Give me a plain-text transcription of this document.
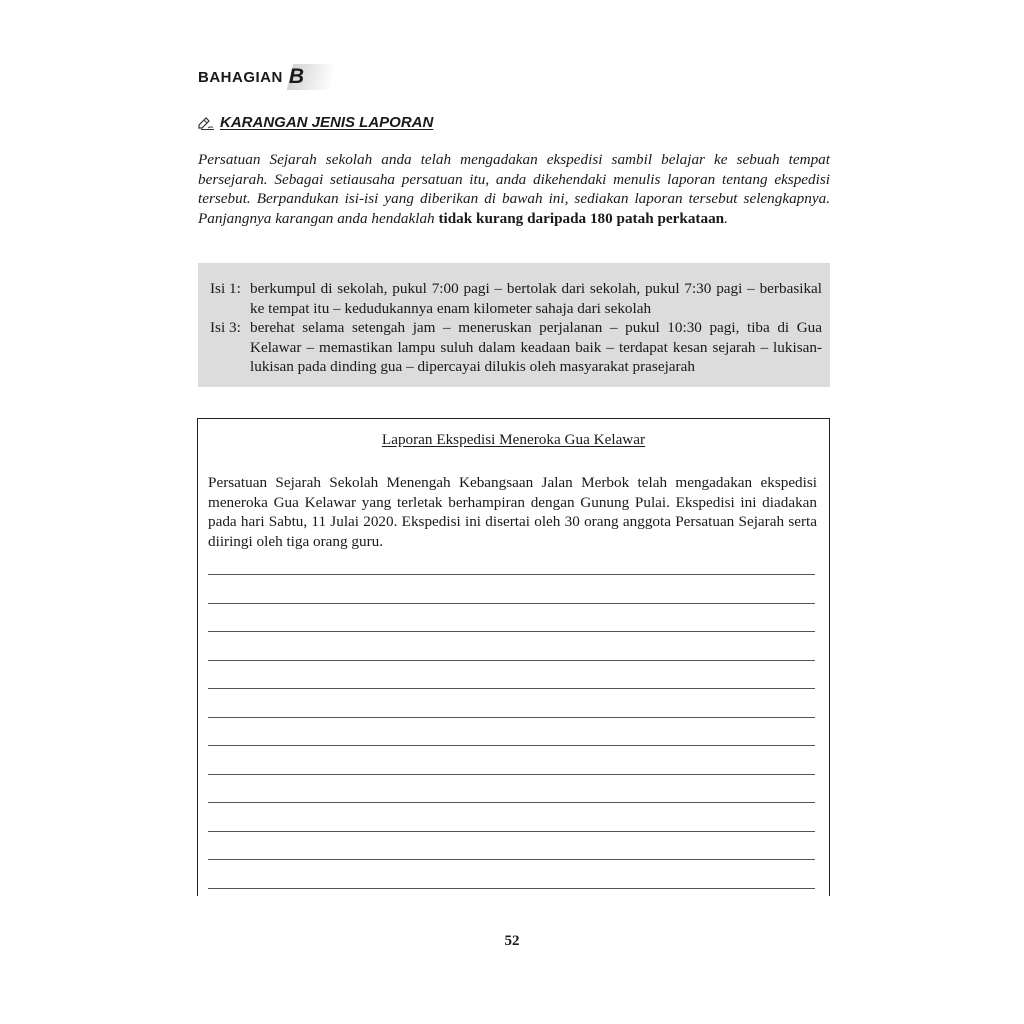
BAHAGIAN B
KARANGAN JENIS LAPORAN
Persatuan Sejarah sekolah anda telah mengadakan ekspedisi sambil belajar ke sebuah tempat bersejarah. Sebagai setiausaha persatuan itu, anda dikehendaki menulis laporan tentang ekspedisi tersebut. Berpandukan isi-isi yang diberikan di bawah ini, sediakan laporan tersebut selengkapnya. Panjangnya karangan anda hendaklah tidak kurang daripada 180 patah perkataan.
Isi 1: berkumpul di sekolah, pukul 7:00 pagi – bertolak dari sekolah, pukul 7:30 pagi – berbasikal ke tempat itu – kedudukannya enam kilometer sahaja dari sekolah
Isi 3: berehat selama setengah jam – meneruskan perjalanan – pukul 10:30 pagi, tiba di Gua Kelawar – memastikan lampu suluh dalam keadaan baik – terdapat kesan sejarah – lukisan-lukisan pada dinding gua – dipercayai dilukis oleh masyarakat prasejarah
Laporan Ekspedisi Meneroka Gua Kelawar
Persatuan Sejarah Sekolah Menengah Kebangsaan Jalan Merbok telah mengadakan ekspedisi meneroka Gua Kelawar yang terletak berhampiran dengan Gunung Pulai. Ekspedisi ini diadakan pada hari Sabtu, 11 Julai 2020. Ekspedisi ini disertai oleh 30 orang anggota Persatuan Sejarah serta diiringi oleh tiga orang guru.
52
